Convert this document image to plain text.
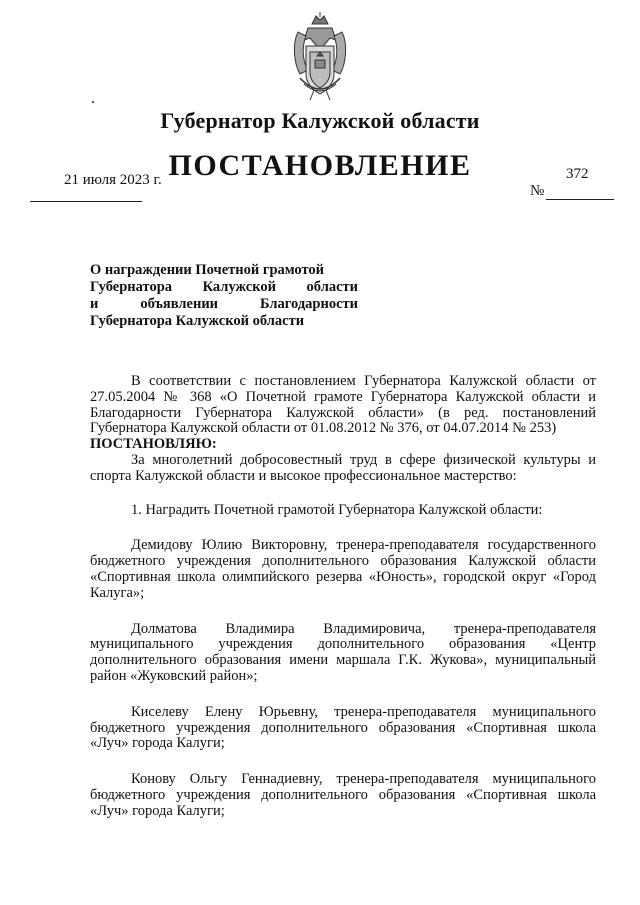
Губернатор Калужской области
ПОСТАНОВЛЕНИЕ
21 июля 2023 г.	372
№
О награждении Почетной грамотой
Губернатора Калужской области
и объявлении Благодарности
Губернатора Калужской области

В соответствии с постановлением Губернатора Калужской области от 27.05.2004 № 368 «О Почетной грамоте Губернатора Калужской области и Благодарности Губернатора Калужской области» (в ред. постановлений Губернатора Калужской области от 01.08.2012 № 376, от 04.07.2014 № 253)

ПОСТАНОВЛЯЮ:

За многолетний добросовестный труд в сфере физической культуры и спорта Калужской области и высокое профессиональное мастерство:

1. Наградить Почетной грамотой Губернатора Калужской области:

Демидову Юлию Викторовну, тренера-преподавателя государственного бюджетного учреждения дополнительного образования Калужской области «Спортивная школа олимпийского резерва «Юность», городской округ «Город Калуга»;

Долматова Владимира Владимировича, тренера-преподавателя муниципального учреждения дополнительного образования «Центр дополнительного образования имени маршала Г.К. Жукова», муниципальный район «Жуковский район»;

Киселеву Елену Юрьевну, тренера-преподавателя муниципального бюджетного учреждения дополнительного образования «Спортивная школа «Луч» города Калуги;

Конову Ольгу Геннадиевну, тренера-преподавателя муниципального бюджетного учреждения дополнительного образования «Спортивная школа «Луч» города Калуги;
